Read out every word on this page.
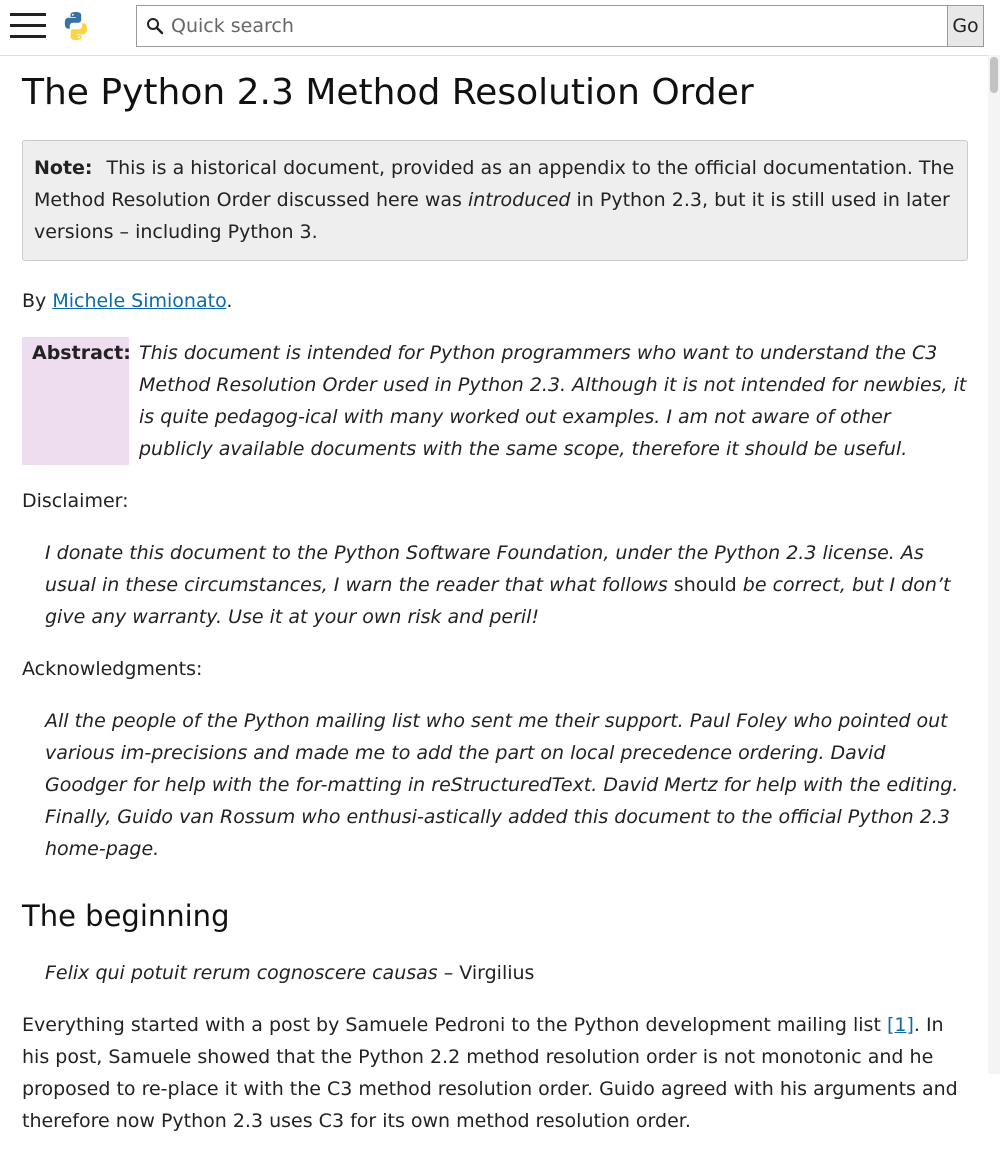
Quick search
Go
The Python 2.3 Method Resolution Order
Note: This is a historical document, provided as an appendix to the official documentation. The Method Resolution Order discussed here was introduced in Python 2.3, but it is still used in later versions – including Python 3.

By Michele Simionato.

Abstract: This document is intended for Python programmers who want to understand the C3 Method Resolution Order used in Python 2.3. Although it is not intended for newbies, it is quite pedagog-ical with many worked out examples. I am not aware of other publicly available documents with the same scope, therefore it should be useful.

Disclaimer:

I donate this document to the Python Software Foundation, under the Python 2.3 license. As usual in these circumstances, I warn the reader that what follows should be correct, but I don’t give any warranty. Use it at your own risk and peril!

Acknowledgments:

All the people of the Python mailing list who sent me their support. Paul Foley who pointed out various im-precisions and made me to add the part on local precedence ordering. David Goodger for help with the for-matting in reStructuredText. David Mertz for help with the editing. Finally, Guido van Rossum who enthusi-astically added this document to the official Python 2.3 home-page.
The beginning
Felix qui potuit rerum cognoscere causas – Virgilius

Everything started with a post by Samuele Pedroni to the Python development mailing list [1]. In his post, Samuele showed that the Python 2.2 method resolution order is not monotonic and he proposed to re-place it with the C3 method resolution order. Guido agreed with his arguments and therefore now Python 2.3 uses C3 for its own method resolution order.
